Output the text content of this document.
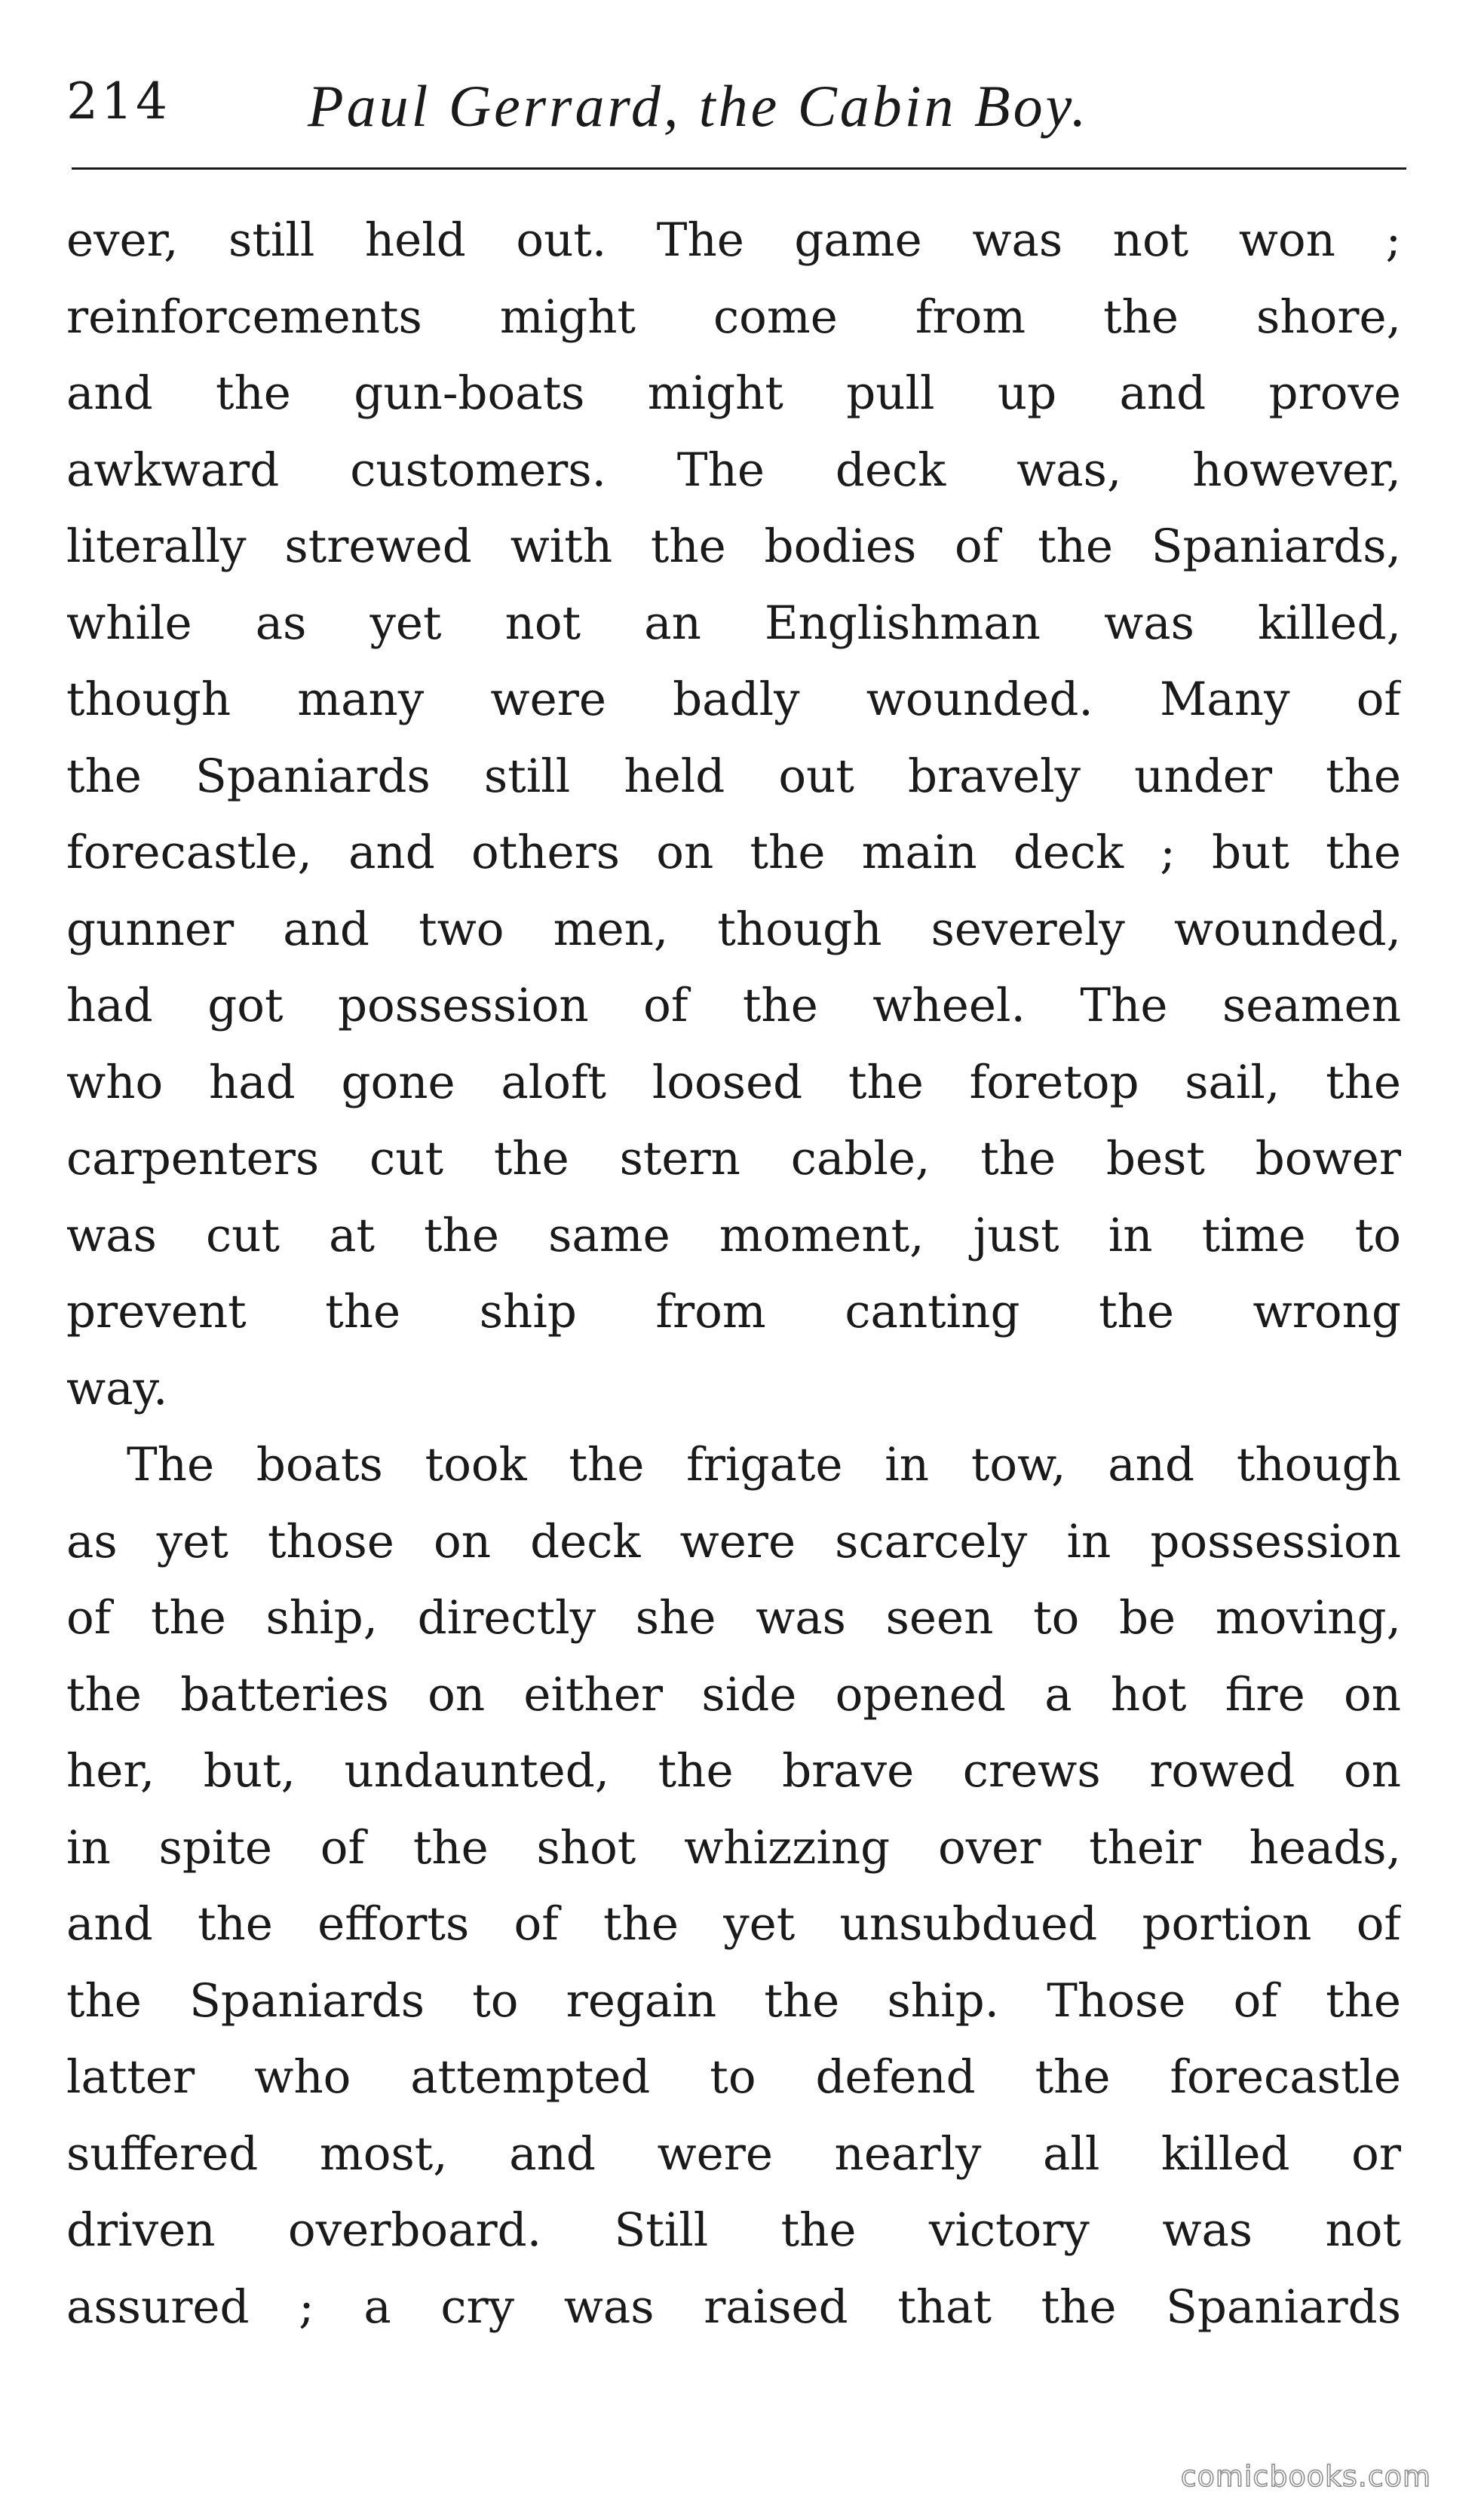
214 Paul Gerrard, the Cabin Boy.
ever, still held out. The game was not won ;
reinforcements might come from the shore,
and the gun-boats might pull up and prove
awkward customers. The deck was, however,
literally strewed with the bodies of the Spaniards,
while as yet not an Englishman was killed,
though many were badly wounded. Many of
the Spaniards still held out bravely under the
forecastle, and others on the main deck ; but the
gunner and two men, though severely wounded,
had got possession of the wheel. The seamen
who had gone aloft loosed the foretop sail, the
carpenters cut the stern cable, the best bower
was cut at the same moment, just in time to
prevent the ship from canting the wrong
way.
The boats took the frigate in tow, and though
as yet those on deck were scarcely in possession
of the ship, directly she was seen to be moving,
the batteries on either side opened a hot fire on
her, but, undaunted, the brave crews rowed on
in spite of the shot whizzing over their heads,
and the efforts of the yet unsubdued portion of
the Spaniards to regain the ship. Those of the
latter who attempted to defend the forecastle
suffered most, and were nearly all killed or
driven overboard. Still the victory was not
assured ; a cry was raised that the Spaniards
comicbooks.com
